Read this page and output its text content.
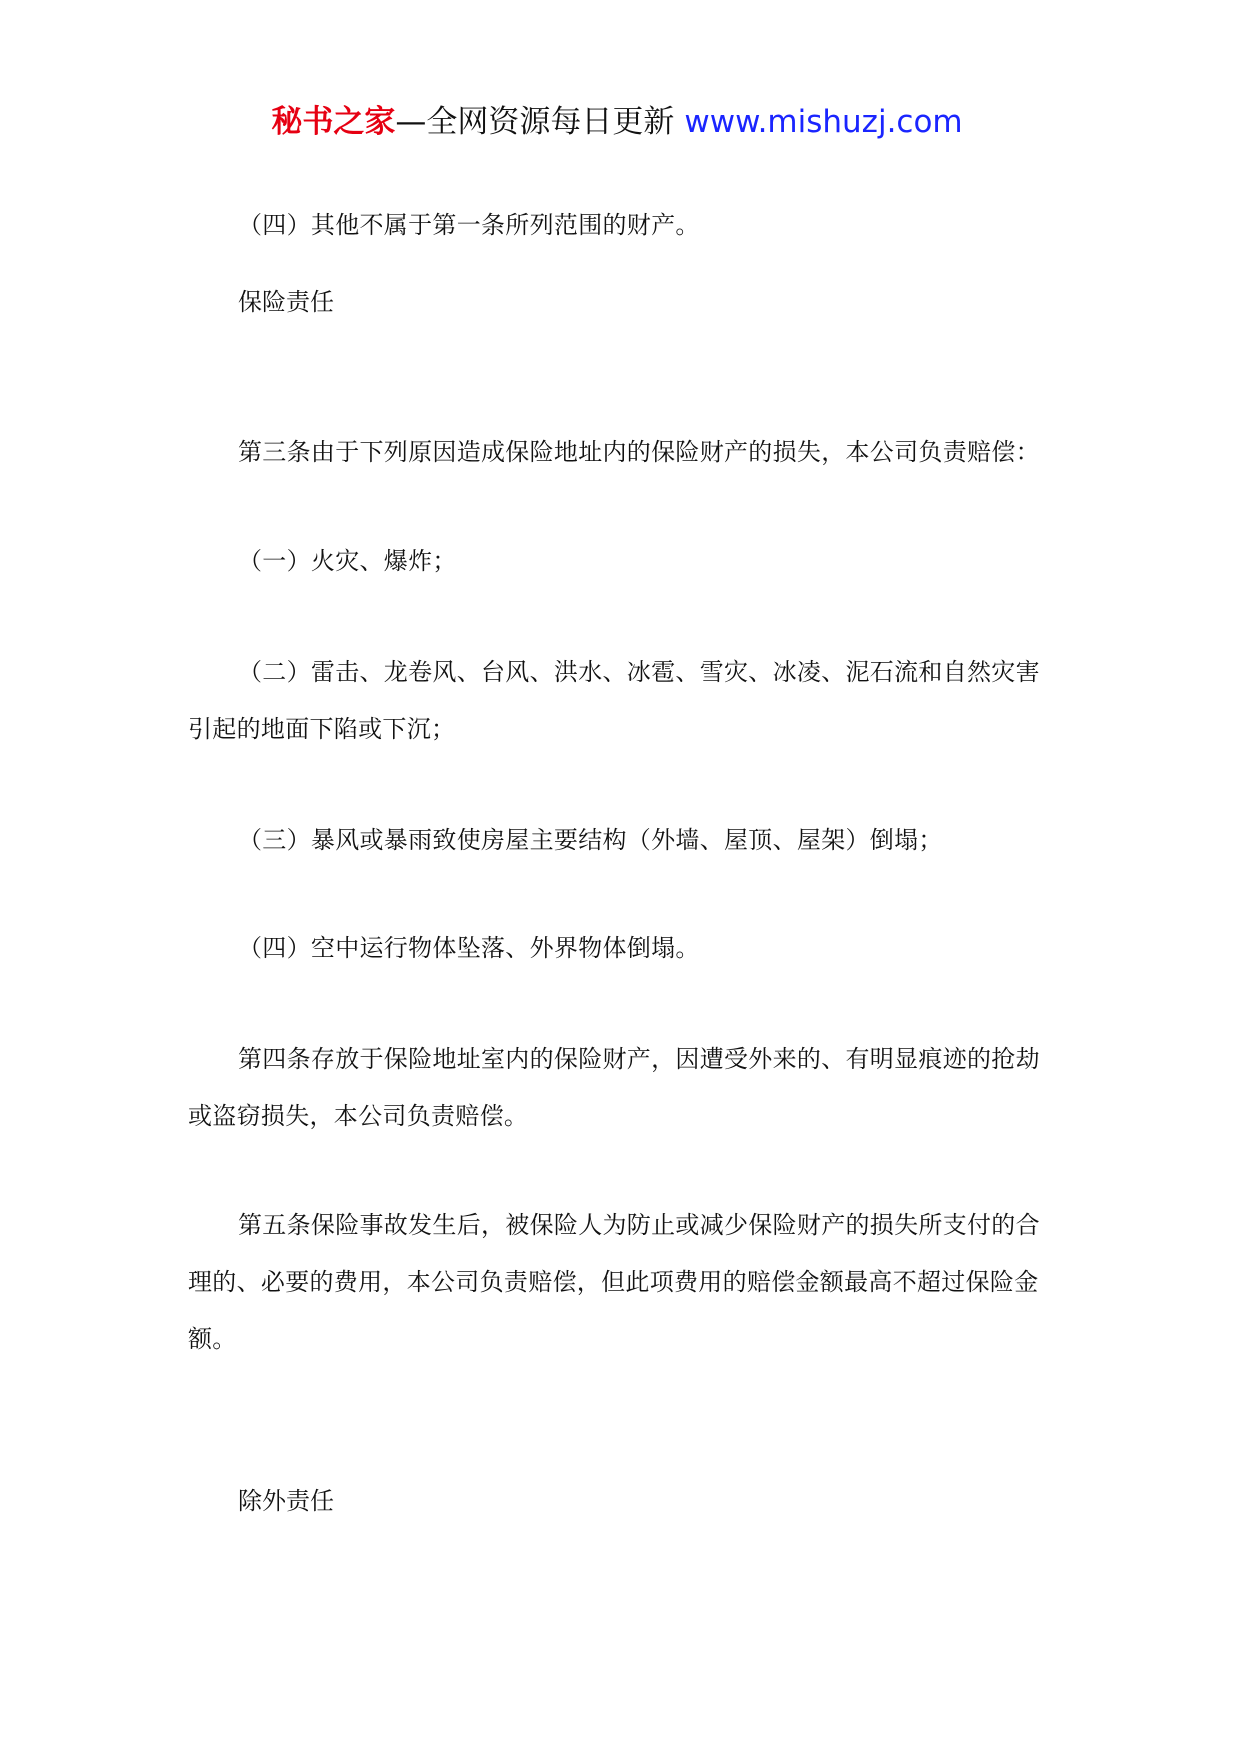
秘书之家—全网资源每日更新 www.mishuzj.com

（四）其他不属于第一条所列范围的财产。

保险责任

第三条由于下列原因造成保险地址内的保险财产的损失，本公司负责赔偿：

（一）火灾、爆炸；

（二）雷击、龙卷风、台风、洪水、冰雹、雪灾、冰凌、泥石流和自然灾害引起的地面下陷或下沉；

（三）暴风或暴雨致使房屋主要结构（外墙、屋顶、屋架）倒塌；

（四）空中运行物体坠落、外界物体倒塌。

第四条存放于保险地址室内的保险财产，因遭受外来的、有明显痕迹的抢劫或盗窃损失，本公司负责赔偿。

第五条保险事故发生后，被保险人为防止或减少保险财产的损失所支付的合理的、必要的费用，本公司负责赔偿，但此项费用的赔偿金额最高不超过保险金额。

除外责任
